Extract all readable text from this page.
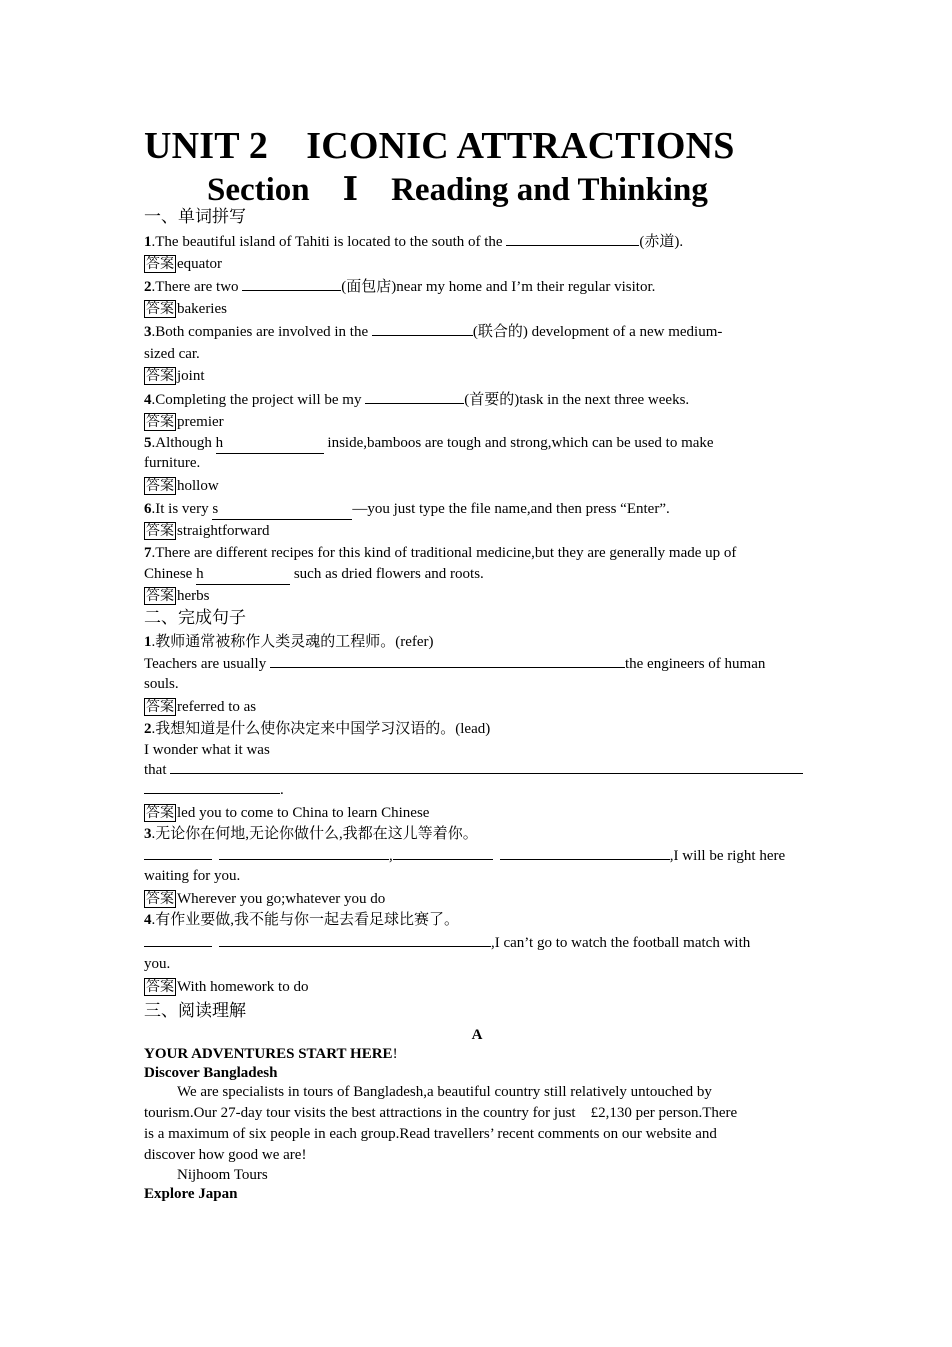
UNIT 2　ICONIC ATTRACTIONS
Section　Ⅰ　Reading and Thinking
一、单词拼写
1.The beautiful island of Tahiti is located to the south of the	(赤道).
答案 equator
2.There are two	(面包店)near my home and I’m their regular visitor.
答案 bakeries
3.Both companies are involved in the	(联合的) development of a new medium-
sized car.
答案 joint
4.Completing the project will be my	(首要的)task in the next three weeks.
答案 premier
5.Although h	inside,bamboos are tough and strong,which can be used to make
furniture.
答案 hollow
6.It is very s	—you just type the file name,and then press “Enter”.
答案 straightforward
7.There are different recipes for this kind of traditional medicine,but they are generally made up of
Chinese h	such as dried flowers and roots.
答案 herbs
二、完成句子
1.教师通常被称作人类灵魂的工程师。(refer)
Teachers are usually	the engineers of human
souls.
答案 referred to as
2.我想知道是什么使你决定来中国学习汉语的。(lead)
I wonder what it was
that
.
答案 led you to come to China to learn Chinese
3.无论你在何地,无论你做什么,我都在这儿等着你。
,	,I will be right here
waiting for you.
答案 Wherever you go;whatever you do
4.有作业要做,我不能与你一起去看足球比赛了。
,I can’t go to watch the football match with
you.
答案 With homework to do
三、阅读理解
A
YOUR ADVENTURES START HERE!
Discover Bangladesh
We are specialists in tours of Bangladesh,a beautiful country still relatively untouched by
tourism.Our 27-day tour visits the best attractions in the country for just　£2,130 per person.There
is a maximum of six people in each group.Read travellers’ recent comments on our website and
discover how good we are!
Nijhoom Tours
Explore Japan
